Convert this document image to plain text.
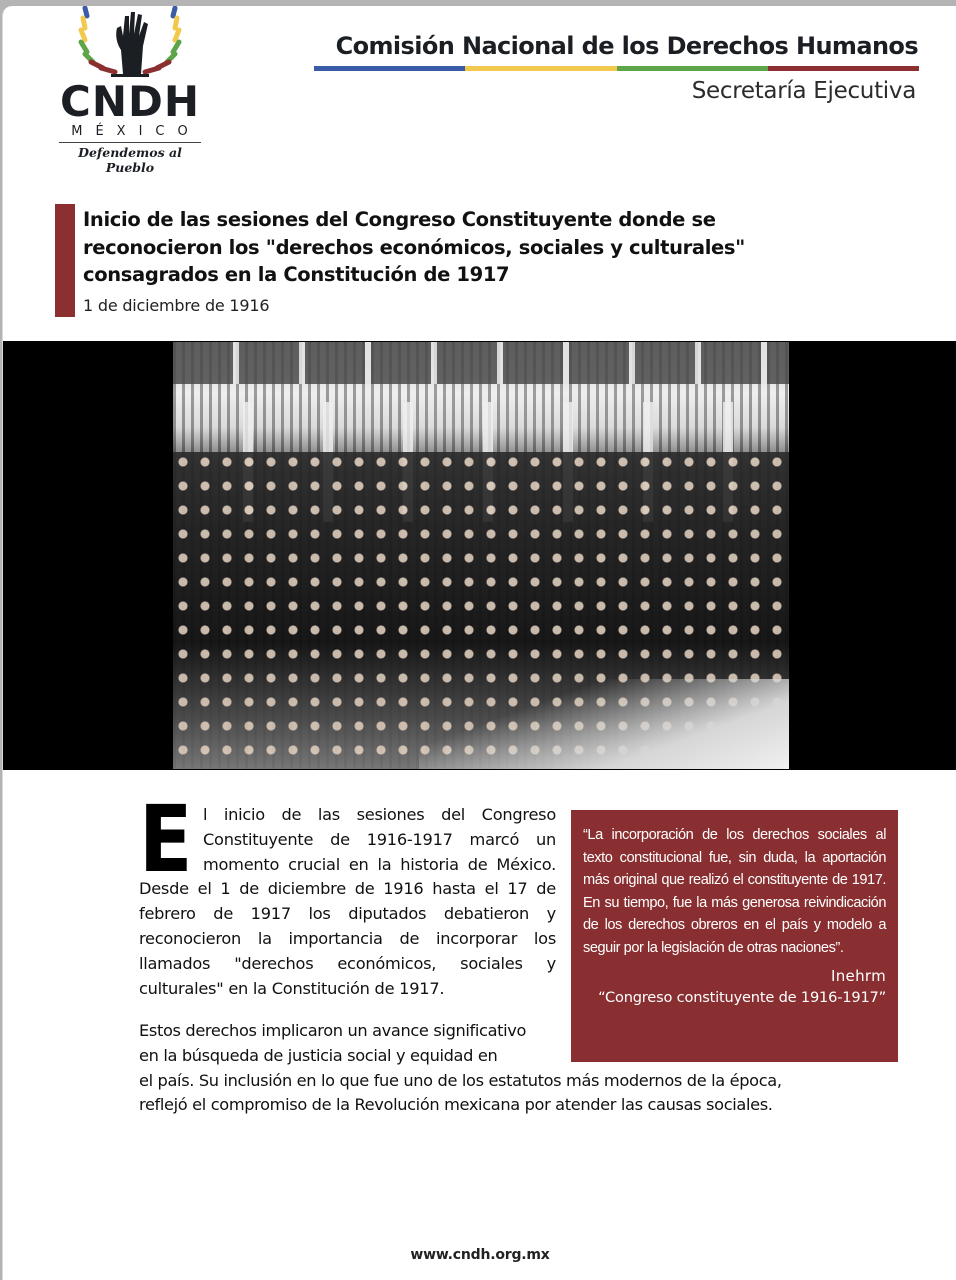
CNDH
MÉXICO
Defendemos al Pueblo
Comisión Nacional de los Derechos Humanos
Secretaría Ejecutiva
Inicio de las sesiones del Congreso Constituyente donde se reconocieron los "derechos económicos, sociales y culturales" consagrados en la Constitución de 1917
1 de diciembre de 1916

El inicio de las sesiones del Congreso Constituyente de 1916-1917 marcó un momento crucial en la historia de México. Desde el 1 de diciembre de 1916 hasta el 17 de febrero de 1917 los diputados debatieron y reconocieron la importancia de incorporar los llamados "derechos económicos, sociales y culturales" en la Constitución de 1917.

Estos derechos implicaron un avance significativo
en la búsqueda de justicia social y equidad en
el país. Su inclusión en lo que fue uno de los estatutos más modernos de la época,
reflejó el compromiso de la Revolución mexicana por atender las causas sociales.

“La incorporación de los derechos sociales al texto constitucional fue, sin duda, la aportación más original que realizó el constituyente de 1917. En su tiempo, fue la más generosa reivindicación de los derechos obreros en el país y modelo a seguir por la legislación de otras naciones”.

Inehrm
“Congreso constituyente de 1916-1917”
www.cndh.org.mx
